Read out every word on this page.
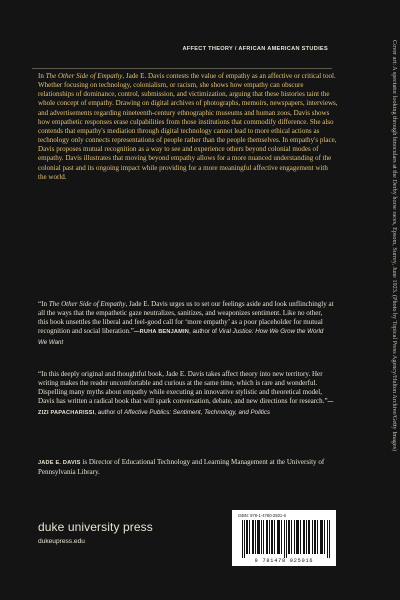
AFFECT THEORY / AFRICAN AMERICAN STUDIES	Cover art: A spectator looking through binoculars at the Derby horse races, Epsom, Surrey, June 1923. (Photo by Topical Press Agency/Hulton Archive/Getty Images)
In The Other Side of Empathy, Jade E. Davis contests the value of empathy as an affective or critical tool. Whether focusing on technology, colonialism, or racism, she shows how empathy can obscure relationships of dominance, control, submission, and victimization, arguing that these histories taint the whole concept of empathy. Drawing on digital archives of photographs, memoirs, newspapers, interviews, and advertisements regarding nineteenth-century ethnographic museums and human zoos, Davis shows how empathetic responses erase culpabilities from those institutions that commodify difference. She also contends that empathy's mediation through digital technology cannot lead to more ethical actions as technology only connects representations of people rather than the people themselves. In empathy's place, Davis proposes mutual recognition as a way to see and experience others beyond colonial modes of empathy. Davis illustrates that moving beyond empathy allows for a more nuanced understanding of the colonial past and its ongoing impact while providing for a more meaningful affective engagement with the world.
“In The Other Side of Empathy, Jade E. Davis urges us to set our feelings aside and look unflinchingly at all the ways that the empathetic gaze neutralizes, sanitizes, and weaponizes sentiment. Like no other, this book unsettles the liberal and feel-good call for ‘more empathy’ as a poor placeholder for mutual recognition and social liberation.”—RUHA BENJAMIN, author of Viral Justice: How We Grow the World We Want
“In this deeply original and thoughtful book, Jade E. Davis takes affect theory into new territory. Her writing makes the reader uncomfortable and curious at the same time, which is rare and wonderful. Dispelling many myths about empathy while executing an innovative stylistic and theoretical model, Davis has written a radical book that will spark conversation, debate, and new directions for research.”—ZIZI PAPACHARISSI, author of Affective Publics: Sentiment, Technology, and Politics
JADE E. DAVIS is Director of Educational Technology and Learning Management at the University of Pennsylvania Library.
duke university press
dukeupress.edu
ISBN: 978-1-4780-2501-6
9 781478 025016
